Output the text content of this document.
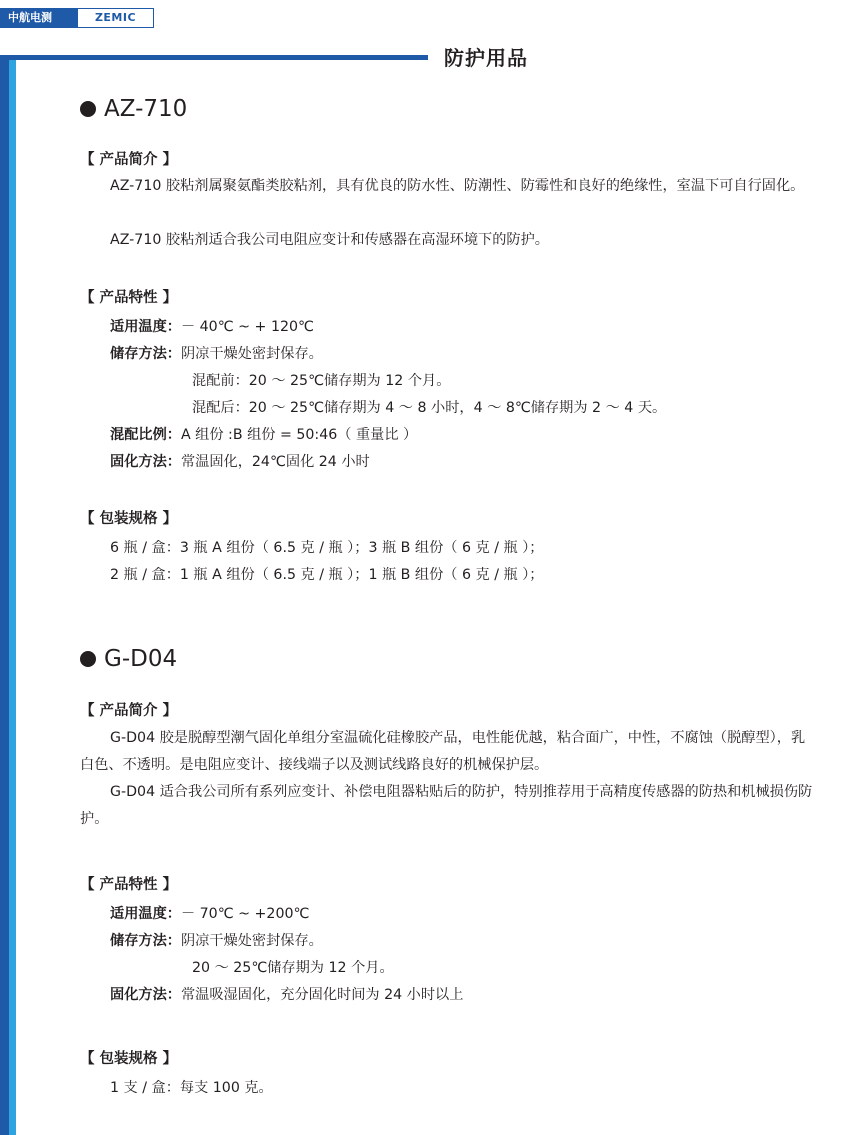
中航电测	ZEMIC
防护用品
AZ-710
【 产品简介 】

AZ-710 胶粘剂属聚氨酯类胶粘剂，具有优良的防水性、防潮性、防霉性和良好的绝缘性，室温下可自行固化。

AZ-710 胶粘剂适合我公司电阻应变计和传感器在高湿环境下的防护。

【 产品特性 】
适用温度：－ 40℃ ~ + 120℃
储存方法：阴凉干燥处密封保存。
混配前：20 ～ 25℃储存期为 12 个月。
混配后：20 ～ 25℃储存期为 4 ～ 8 小时，4 ～ 8℃储存期为 2 ～ 4 天。
混配比例：A 组份 :B 组份 = 50:46（ 重量比 ）
固化方法：常温固化，24℃固化 24 小时
【 包装规格 】
6 瓶 / 盒：3 瓶 A 组份（ 6.5 克 / 瓶 ）；3 瓶 B 组份（ 6 克 / 瓶 ）；
2 瓶 / 盒：1 瓶 A 组份（ 6.5 克 / 瓶 ）；1 瓶 B 组份（ 6 克 / 瓶 ）；
G-D04
【 产品简介 】

G-D04 胶是脱醇型潮气固化单组分室温硫化硅橡胶产品，电性能优越，粘合面广，中性，不腐蚀（脱醇型），乳白色、不透明。是电阻应变计、接线端子以及测试线路良好的机械保护层。

G-D04 适合我公司所有系列应变计、补偿电阻器粘贴后的防护，特别推荐用于高精度传感器的防热和机械损伤防护。

【 产品特性 】
适用温度：－ 70℃ ~ +200℃
储存方法：阴凉干燥处密封保存。
20 ～ 25℃储存期为 12 个月。
固化方法：常温吸湿固化，充分固化时间为 24 小时以上
【 包装规格 】
1 支 / 盒：每支 100 克。
